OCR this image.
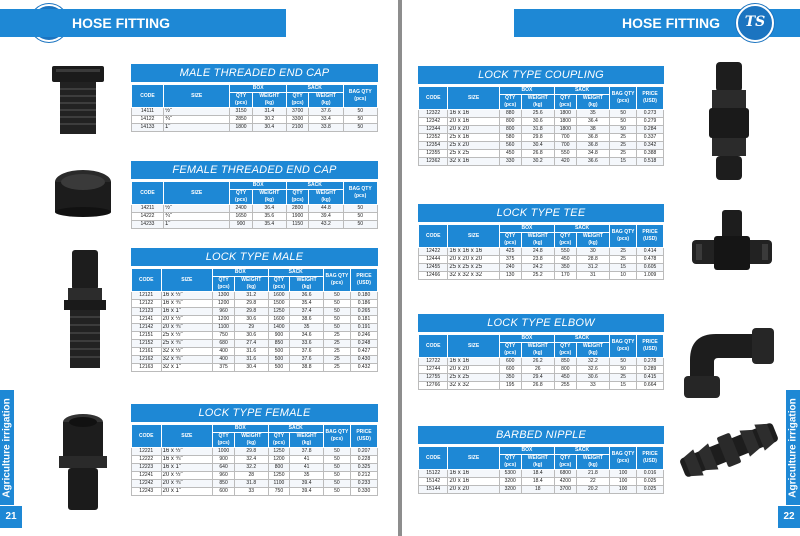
HOSE FITTING
MALE THREADED END CAP
CODE	SIZE	BOX		SACK		BAG QTY
(pcs)
		QTY
(pcs)	WEIGHT
(kg)	QTY
(pcs)	WEIGHT
(kg)	
14111	½"	3150	31.4	3700	37.6	50
14122	¾"	2850	30.2	3300	33.4	50
14133	1"	1800	30.4	2100	33.8	50
FEMALE THREADED END CAP
CODE	SIZE	BOX		SACK		BAG QTY
(pcs)
		QTY
(pcs)	WEIGHT
(kg)	QTY
(pcs)	WEIGHT
(kg)	
14211	½"	2400	36.4	2800	44.8	50
14222	¾"	1650	35.6	1900	39.4	50
14233	1"	900	35.4	1150	43.2	50
LOCK TYPE MALE
CODE	SIZE	BOX		SACK		BAG QTY
(pcs)	PRICE
(USD)
		QTY
(pcs)	WEIGHT
(kg)	QTY
(pcs)	WEIGHT
(kg)		
12121	16 x ½"	1300	31.2	1600	36.6	50	0.180
12122	16 x ¾"	1200	29.8	1500	35.4	50	0.186
12123	16 x 1"	960	29.8	1250	37.4	50	0.265
12141	20 x ½"	1200	30.6	1600	38.6	50	0.181
12142	20 x ¾"	1100	29	1400	35	50	0.191
12151	25 x ½"	750	30.6	900	34.6	25	0.246
12152	25 x ¾"	680	27.4	850	33.6	25	0.248
12161	32 x ½"	400	31.6	500	37.6	25	0.427
12162	32 x ¾"	400	31.6	500	37.6	25	0.430
12163	32 x 1"	375	30.4	500	38.8	25	0.432
LOCK TYPE FEMALE
CODE	SIZE	BOX		SACK		BAG QTY
(pcs)	PRICE
(USD)
		QTY
(pcs)	WEIGHT
(kg)	QTY
(pcs)	WEIGHT
(kg)		
12221	16 x ½"	1000	29.8	1250	37.8	50	0.207
12222	16 x ¾"	900	32.4	1200	41	50	0.228
12223	16 x 1"	640	32.2	800	41	50	0.325
12241	20 x ½"	960	28	1250	35	50	0.212
12242	20 x ¾"	850	31.8	1100	39.4	50	0.233
12243	20 x 1"	600	33	750	39.4	50	0.330
Agriculture irrigation
21
HOSE FITTING	TS
LOCK TYPE COUPLING
CODE	SIZE	BOX		SACK		BAG QTY
(pcs)	PRICE
(USD)
		QTY
(pcs)	WEIGHT
(kg)	QTY
(pcs)	WEIGHT
(kg)		
12322	16 x 16	880	25.6	1800	35	50	0.273
12342	20 x 16	800	30.6	1800	36.4	50	0.279
12344	20 x 20	800	31.8	1800	38	50	0.284
12352	25 x 16	580	29.8	700	36.8	25	0.337
12354	25 x 20	560	30.4	700	36.8	25	0.342
12355	25 x 25	450	26.8	550	34.8	25	0.388
12362	32 x 16	330	30.2	420	36.6	15	0.518
LOCK TYPE TEE
CODE	SIZE	BOX		SACK		BAG QTY
(pcs)	PRICE
(USD)
		QTY
(pcs)	WEIGHT
(kg)	QTY
(pcs)	WEIGHT
(kg)		
12422	16 x 16 x 16	425	24.8	550	30	25	0.414
12444	20 x 20 x 20	375	23.8	450	28.8	25	0.478
12455	25 x 25 x 25	240	24.2	350	31.2	15	0.605
12466	32 x 32 x 32	130	25.2	170	31	10	1.009
LOCK TYPE ELBOW
CODE	SIZE	BOX		SACK		BAG QTY
(pcs)	PRICE
(USD)
		QTY
(pcs)	WEIGHT
(kg)	QTY
(pcs)	WEIGHT
(kg)		
12722	16 x 16	600	26.2	850	32.2	50	0.278
12744	20 x 20	600	26	800	32.6	50	0.289
12755	25 x 25	350	29.4	450	30.6	25	0.415
12766	32 x 32	195	26.8	255	33	15	0.664
BARBED NIPPLE
CODE	SIZE	BOX		SACK		BAG QTY
(pcs)	PRICE
(USD)
		QTY
(pcs)	WEIGHT
(kg)	QTY
(pcs)	WEIGHT
(kg)		
15122	16 x 16	5300	18.4	6800	21.8	100	0.016
15142	20 x 16	3200	18.4	4200	22	100	0.025
15144	20 x 20	3200	18	3700	20.2	100	0.025	Agriculture irrigation
22
